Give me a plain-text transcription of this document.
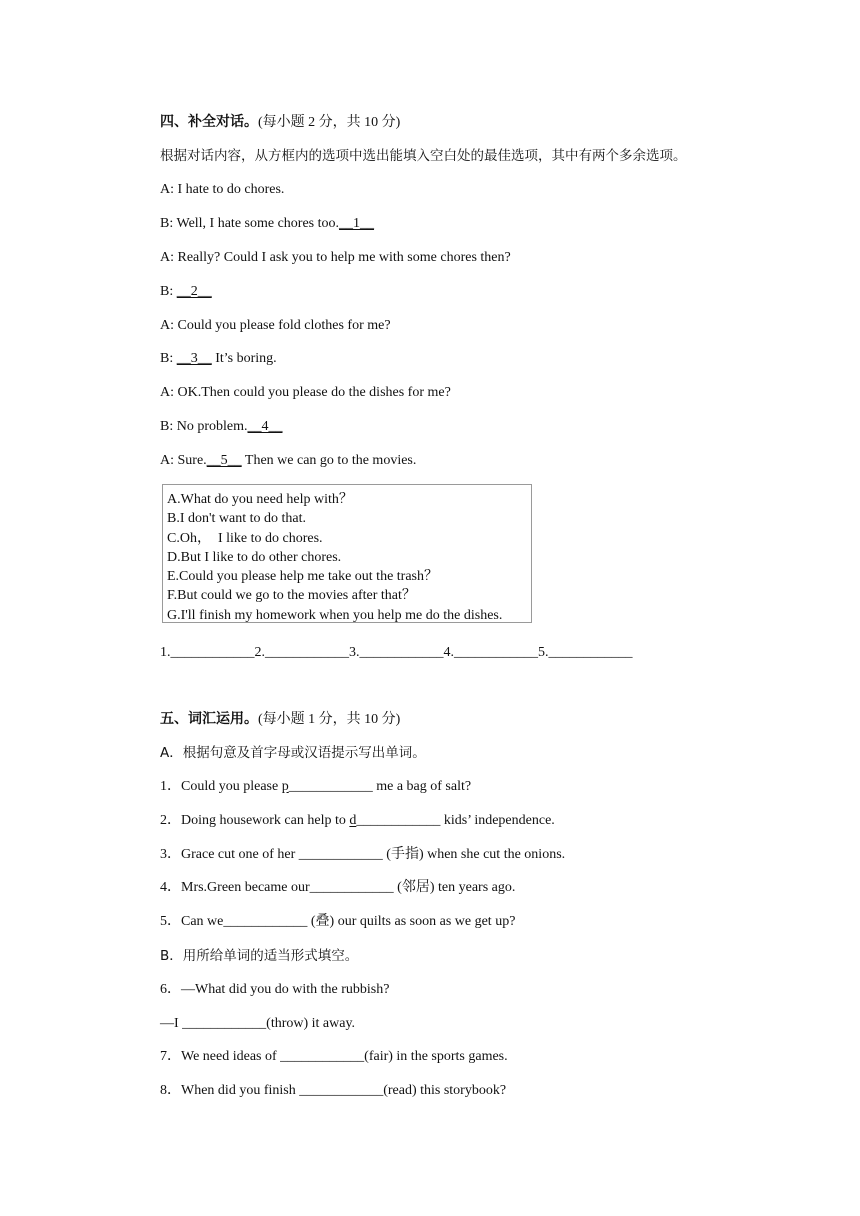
四、补全对话。(每小题 2 分，共 10 分)
根据对话内容，从方框内的选项中选出能填入空白处的最佳选项，其中有两个多余选项。
A: I hate to do chores.
B: Well, I hate some chores too.__1__
A: Really? Could I ask you to help me with some chores then?
B: __2__
A: Could you please fold clothes for me?
B: __3__ It’s boring.
A: OK.Then could you please do the dishes for me?
B: No problem.__4__
A: Sure.__5__ Then we can go to the movies.
A.What do you need help with？
B.I don't want to do that.
C.Oh，  I like to do chores.
D.But I like to do other chores.
E.Could you please help me take out the trash？
F.But could we go to the movies after that？
G.I'll finish my homework when you help me do the dishes.
1.____________2.____________3.____________4.____________5.____________
五、词汇运用。(每小题 1 分，共 10 分)
A．根据句意及首字母或汉语提示写出单词。
1．Could you please p____________ me a bag of salt?
2．Doing housework can help to d____________ kids’ independence.
3．Grace cut one of her ____________ (手指) when she cut the onions.
4．Mrs.Green became our____________ (邻居) ten years ago.
5．Can we____________ (叠) our quilts as soon as we get up?
B．用所给单词的适当形式填空。
6．—What did you do with the rubbish?
—I ____________(throw) it away.
7．We need ideas of ____________(fair) in the sports games.
8．When did you finish ____________(read) this storybook?
